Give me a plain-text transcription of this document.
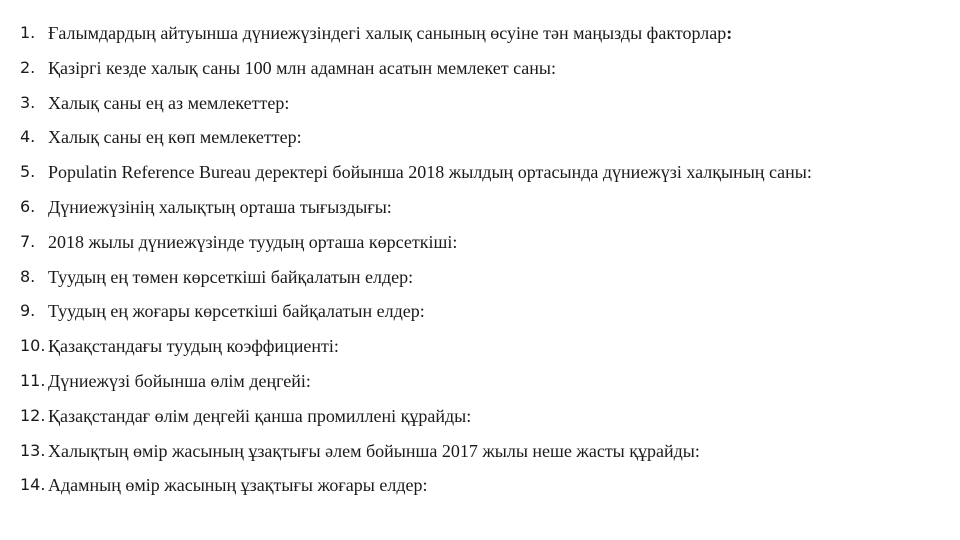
1. Ғалымдардың айтуынша дүниежүзіндегі халық санының өсуіне тән маңызды факторлар:
2. Қазіргі кезде халық саны 100 млн адамнан асатын мемлекет саны:
3. Халық саны ең аз мемлекеттер:
4. Халық саны ең көп мемлекеттер:
5. Populatin Reference Bureau деректері бойынша 2018 жылдың ортасында дүниежүзі халқының саны:
6. Дүниежүзінің халықтың орташа тығыздығы:
7. 2018 жылы дүниежүзінде туудың орташа көрсеткіші:
8. Туудың ең төмен көрсеткіші байқалатын елдер:
9. Туудың ең жоғары көрсеткіші байқалатын елдер:
10. Қазақстандағы туудың коэффициенті:
11. Дүниежүзі бойынша өлім деңгейі:
12. Қазақстандағ өлім деңгейі қанша промиллені құрайды:
13. Халықтың өмір жасының ұзақтығы әлем бойынша 2017 жылы неше жасты құрайды:
14. Адамның өмір жасының ұзақтығы жоғары елдер:
